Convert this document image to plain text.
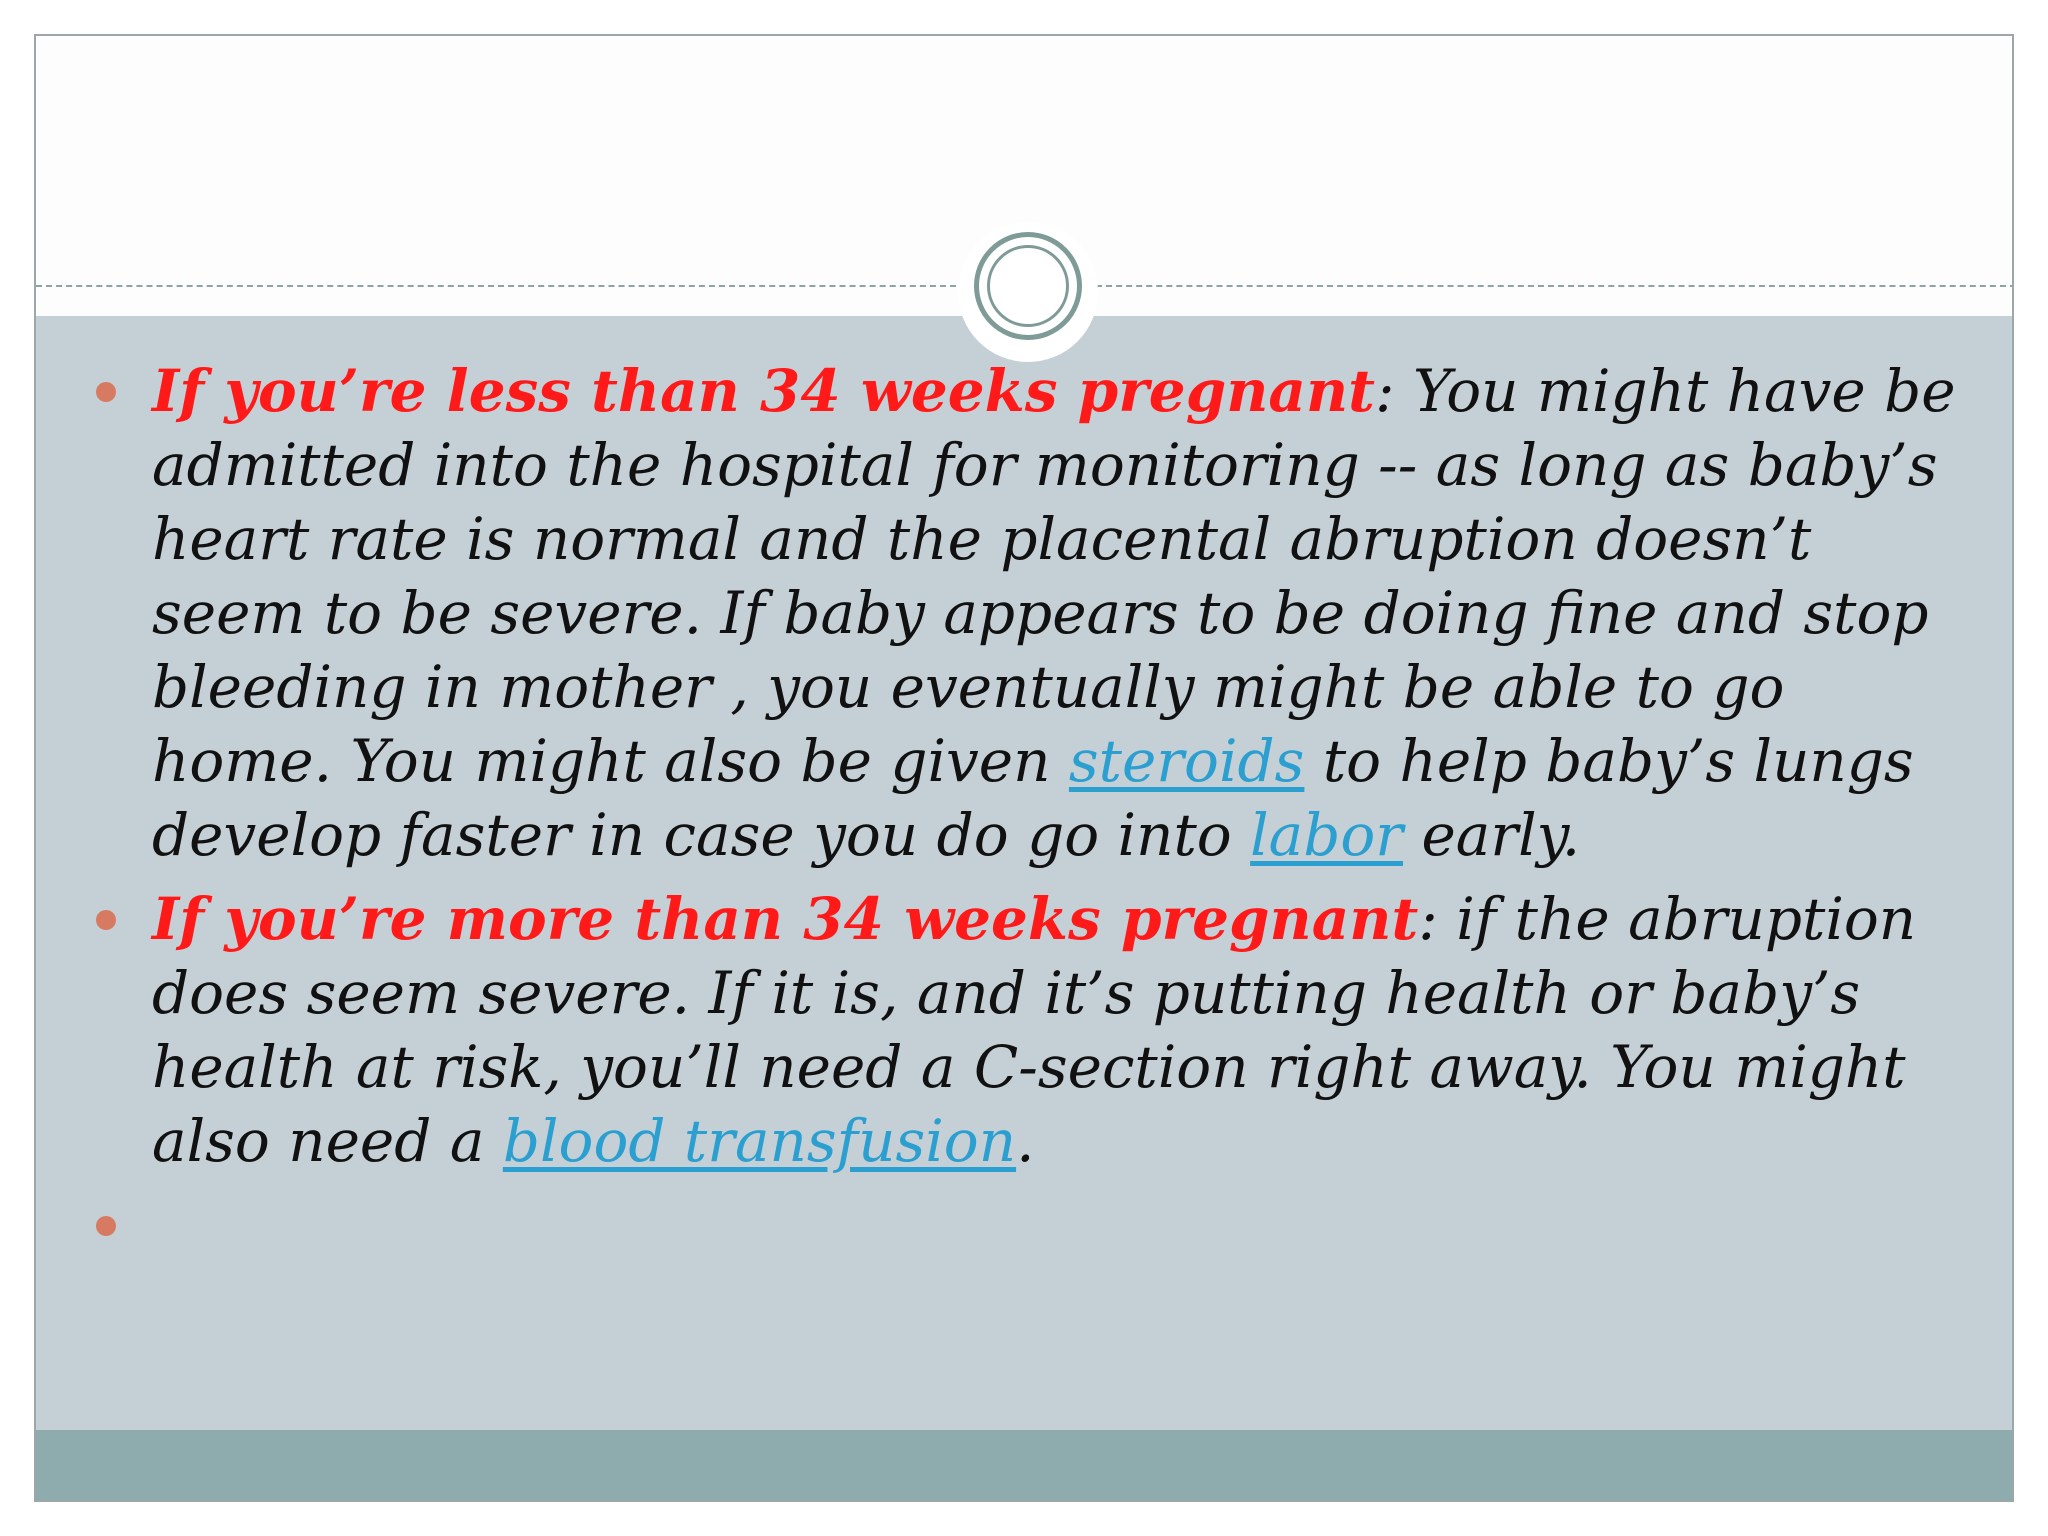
If you’re less than 34 weeks pregnant: You might have be admitted into the hospital for monitoring -- as long as baby’s heart rate is normal and the placental abruption doesn’t seem to be severe. If baby appears to be doing fine and stop bleeding in mother , you eventually might be able to go home. You might also be given steroids to help baby’s lungs develop faster in case you do go into labor early.
If you’re more than 34 weeks pregnant: if the abruption does seem severe. If it is, and it’s putting health or baby’s health at risk, you’ll need a C-section right away. You might also need a blood transfusion.
